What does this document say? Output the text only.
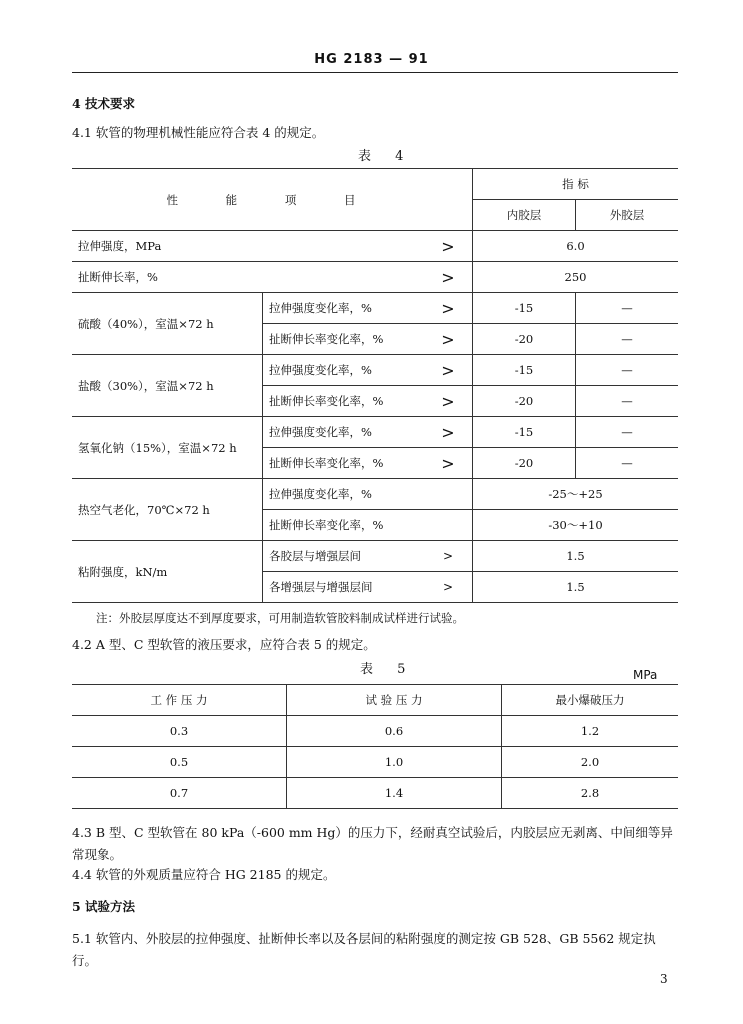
HG 2183 — 91
4 技术要求
4.1 软管的物理机械性能应符合表 4 的规定。
表 4
性 能 项 目			指 标	
			内胶层	外胶层
拉伸强度，MPa		>	6.0	
扯断伸长率，%		>	250	
硫酸（40%），室温×72 h	拉伸强度变化率，%	>	-15	—
	扯断伸长率变化率，%	>	-20	—
盐酸（30%），室温×72 h	拉伸强度变化率，%	>	-15	—
	扯断伸长率变化率，%	>	-20	—
氢氧化钠（15%），室温×72 h	拉伸强度变化率，%	>	-15	—
	扯断伸长率变化率，%	>	-20	—
热空气老化，70℃×72 h	拉伸强度变化率，%		-25～+25	
	扯断伸长率变化率，%		-30～+10	
粘附强度，kN/m	各胶层与增强层间	>	1.5	
	各增强层与增强层间	>	1.5	
注：外胶层厚度达不到厚度要求，可用制造软管胶料制成试样进行试验。
4.2 A 型、C 型软管的液压要求，应符合表 5 的规定。
表 5	MPa
工 作 压 力	试 验 压 力	最小爆破压力
0.3	0.6	1.2
0.5	1.0	2.0
0.7	1.4	2.8
4.3 B 型、C 型软管在 80 kPa（-600 mm Hg）的压力下，经耐真空试验后，内胶层应无剥离、中间细等异常现象。
4.4 软管的外观质量应符合 HG 2185 的规定。
5 试验方法
5.1 软管内、外胶层的拉伸强度、扯断伸长率以及各层间的粘附强度的测定按 GB 528、GB 5562 规定执行。
3
